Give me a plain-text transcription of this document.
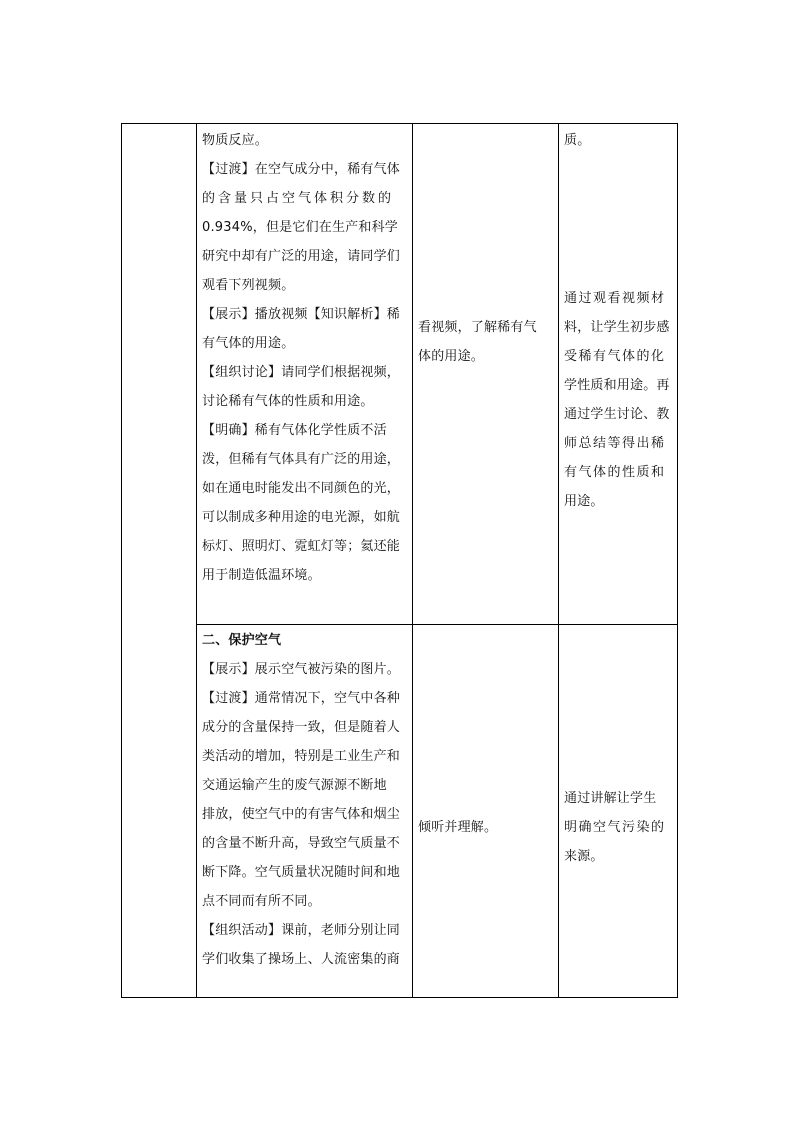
物质反应。

【过渡】在空气成分中，稀有气体

的含量只占空气体积分数的

0.934%，但是它们在生产和科学

研究中却有广泛的用途，请同学们

观看下列视频。

【展示】播放视频【知识解析】稀

有气体的用途。

【组织讨论】请同学们根据视频，

讨论稀有气体的性质和用途。

【明确】稀有气体化学性质不活

泼，但稀有气体具有广泛的用途，

如在通电时能发出不同颜色的光，

可以制成多种用途的电光源，如航

标灯、照明灯、霓虹灯等；氦还能

用于制造低温环境。

看视频，了解稀有气

体的用途。

质。

通过观看视频材

料，让学生初步感

受稀有气体的化

学性质和用途。再

通过学生讨论、教

师总结等得出稀

有气体的性质和

用途。

二、保护空气

【展示】展示空气被污染的图片。

【过渡】通常情况下，空气中各种

成分的含量保持一致，但是随着人

类活动的增加，特别是工业生产和

交通运输产生的废气源源不断地

排放，使空气中的有害气体和烟尘

的含量不断升高，导致空气质量不

断下降。空气质量状况随时间和地

点不同而有所不同。

【组织活动】课前，老师分别让同

学们收集了操场上、人流密集的商

倾听并理解。

通过讲解让学生

明确空气污染的

来源。
